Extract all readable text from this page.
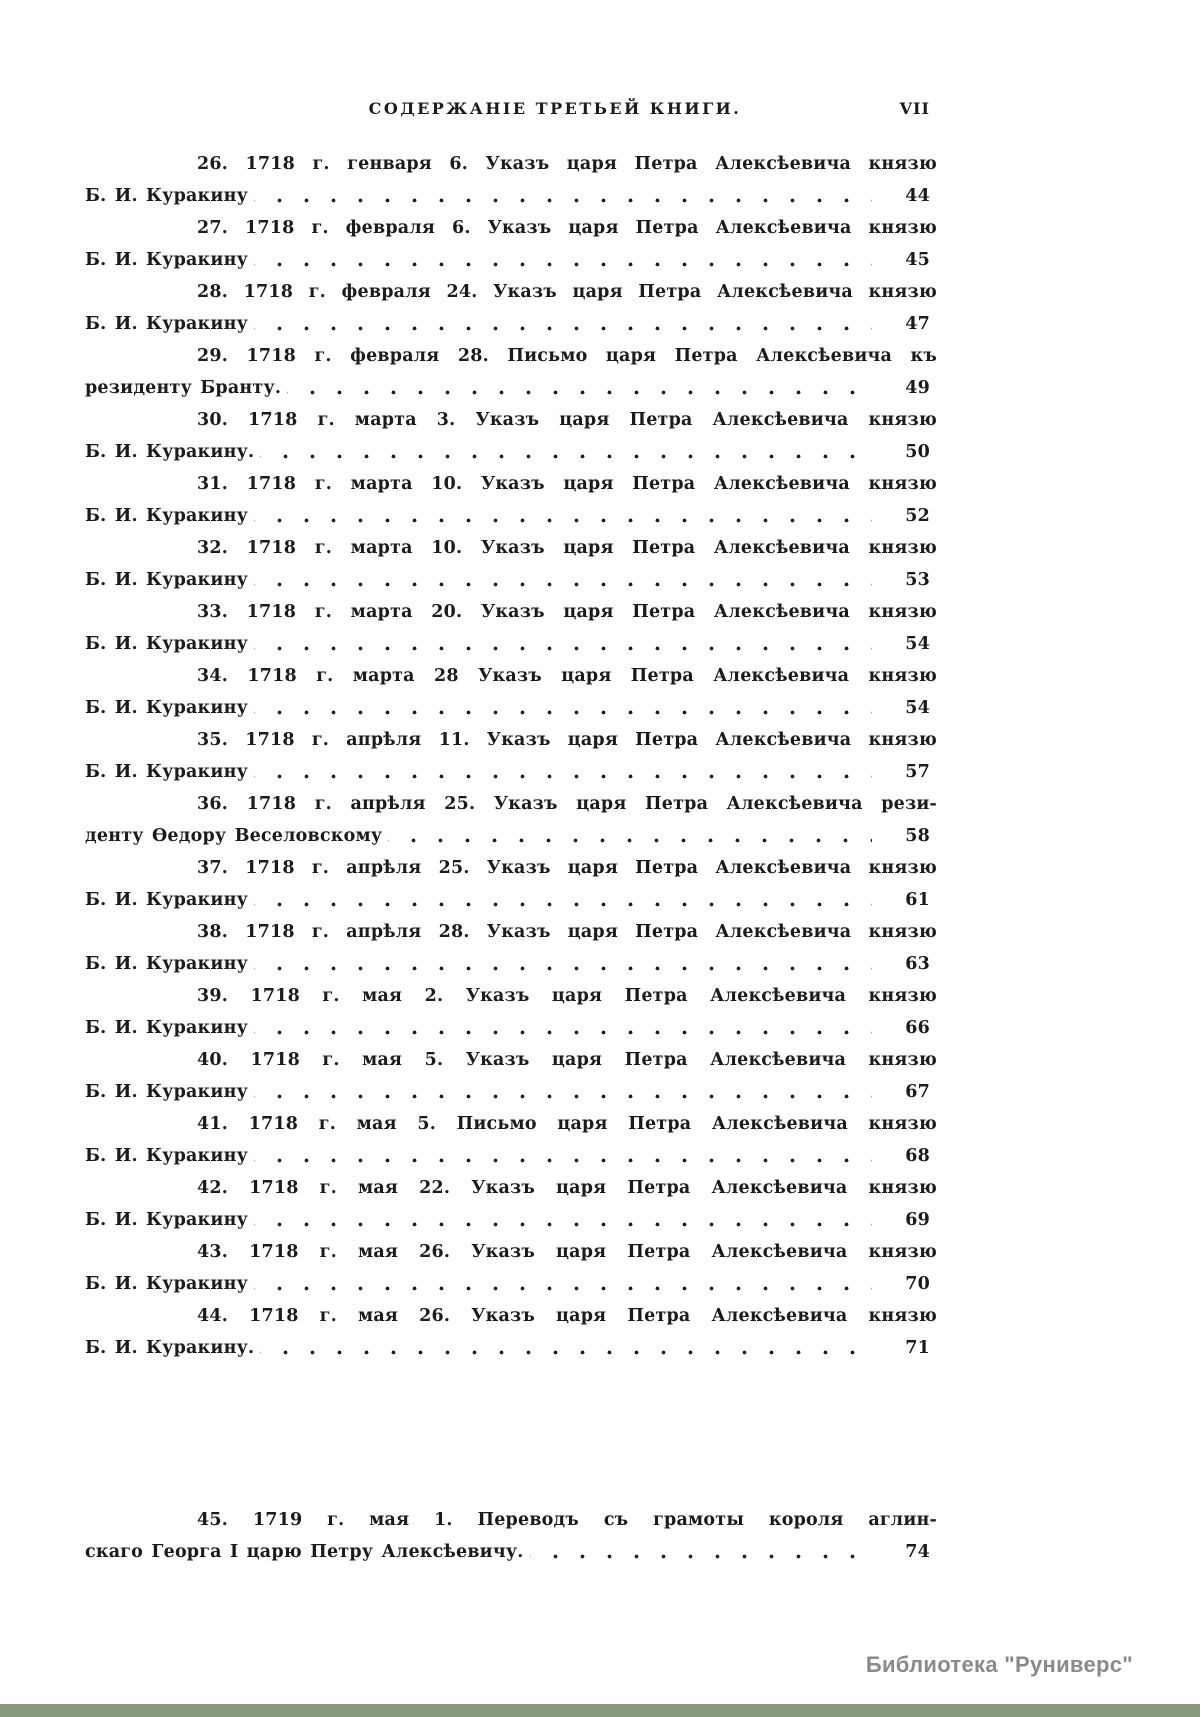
СОДЕРЖАНІЕ ТРЕТЬЕЙ КНИГИ.	VII
26. 1718 г. генваря 6. Указъ царя Петра Алексѣевича князю
Б. И. Куракину	44
27. 1718 г. февраля 6. Указъ царя Петра Алексѣевича князю
Б. И. Куракину	45
28. 1718 г. февраля 24. Указъ царя Петра Алексѣевича князю
Б. И. Куракину	47
29. 1718 г. февраля 28. Письмо царя Петра Алексѣевича къ
резиденту Бранту.	49
30. 1718 г. марта 3. Указъ царя Петра Алексѣевича князю
Б. И. Куракину.	50
31. 1718 г. марта 10. Указъ царя Петра Алексѣевича князю
Б. И. Куракину	52
32. 1718 г. марта 10. Указъ царя Петра Алексѣевича князю
Б. И. Куракину	53
33. 1718 г. марта 20. Указъ царя Петра Алексѣевича князю
Б. И. Куракину	54
34. 1718 г. марта 28 Указъ царя Петра Алексѣевича князю
Б. И. Куракину	54
35. 1718 г. апрѣля 11. Указъ царя Петра Алексѣевича князю
Б. И. Куракину	57
36. 1718 г. апрѣля 25. Указъ царя Петра Алексѣевича рези-
денту Ѳедору Веселовскому	58
37. 1718 г. апрѣля 25. Указъ царя Петра Алексѣевича князю
Б. И. Куракину	61
38. 1718 г. апрѣля 28. Указъ царя Петра Алексѣевича князю
Б. И. Куракину	63
39. 1718 г. мая 2. Указъ царя Петра Алексѣевича князю
Б. И. Куракину	66
40. 1718 г. мая 5. Указъ царя Петра Алексѣевича князю
Б. И. Куракину	67
41. 1718 г. мая 5. Письмо царя Петра Алексѣевича князю
Б. И. Куракину	68
42. 1718 г. мая 22. Указъ царя Петра Алексѣевича князю
Б. И. Куракину	69
43. 1718 г. мая 26. Указъ царя Петра Алексѣевича князю
Б. И. Куракину	70
44. 1718 г. мая 26. Указъ царя Петра Алексѣевича князю
Б. И. Куракину.	71
45. 1719 г. мая 1. Переводъ съ грамоты короля аглин-
скаго Георга I царю Петру Алексѣевичу.	74
Библиотека "Руниверс"
